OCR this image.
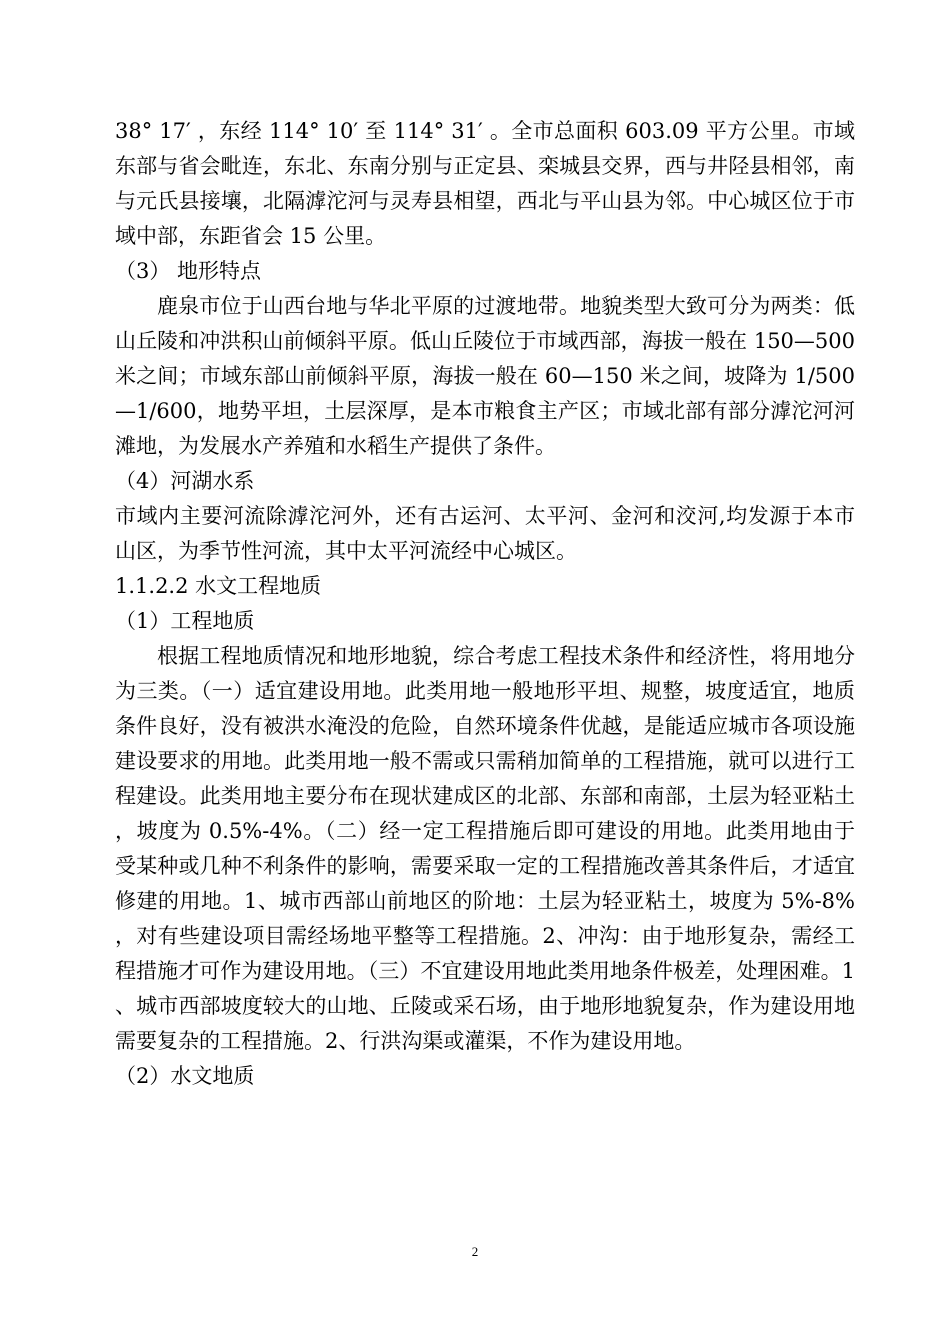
38° 17′ ，东经 114° 10′ 至 114° 31′ 。全市总面积 603.09 平方公里。市域东部与省会毗连，东北、东南分别与正定县、栾城县交界，西与井陉县相邻，南与元氏县接壤，北隔滹沱河与灵寿县相望，西北与平山县为邻。中心城区位于市域中部，东距省会 15 公里。

（3） 地形特点

鹿泉市位于山西台地与华北平原的过渡地带。地貌类型大致可分为两类：低山丘陵和冲洪积山前倾斜平原。低山丘陵位于市域西部，海拔一般在 150—500 米之间；市域东部山前倾斜平原，海拔一般在 60—150 米之间，坡降为 1/500—1/600，地势平坦，土层深厚，是本市粮食主产区；市域北部有部分滹沱河河滩地，为发展水产养殖和水稻生产提供了条件。

（4）河湖水系

市域内主要河流除滹沱河外，还有古运河、太平河、金河和洨河,均发源于本市山区，为季节性河流，其中太平河流经中心城区。

1.1.2.2 水文工程地质

（1）工程地质

根据工程地质情况和地形地貌，综合考虑工程技术条件和经济性，将用地分为三类。（一）适宜建设用地。此类用地一般地形平坦、规整，坡度适宜，地质条件良好，没有被洪水淹没的危险，自然环境条件优越，是能适应城市各项设施建设要求的用地。此类用地一般不需或只需稍加简单的工程措施，就可以进行工程建设。此类用地主要分布在现状建成区的北部、东部和南部，土层为轻亚粘土，坡度为 0.5%-4%。（二）经一定工程措施后即可建设的用地。此类用地由于受某种或几种不利条件的影响，需要采取一定的工程措施改善其条件后，才适宜修建的用地。1、城市西部山前地区的阶地：土层为轻亚粘土，坡度为 5%-8%，对有些建设项目需经场地平整等工程措施。2、冲沟：由于地形复杂，需经工程措施才可作为建设用地。（三）不宜建设用地此类用地条件极差，处理困难。1、城市西部坡度较大的山地、丘陵或采石场，由于地形地貌复杂，作为建设用地需要复杂的工程措施。2、行洪沟渠或灌渠，不作为建设用地。

（2）水文地质

2
